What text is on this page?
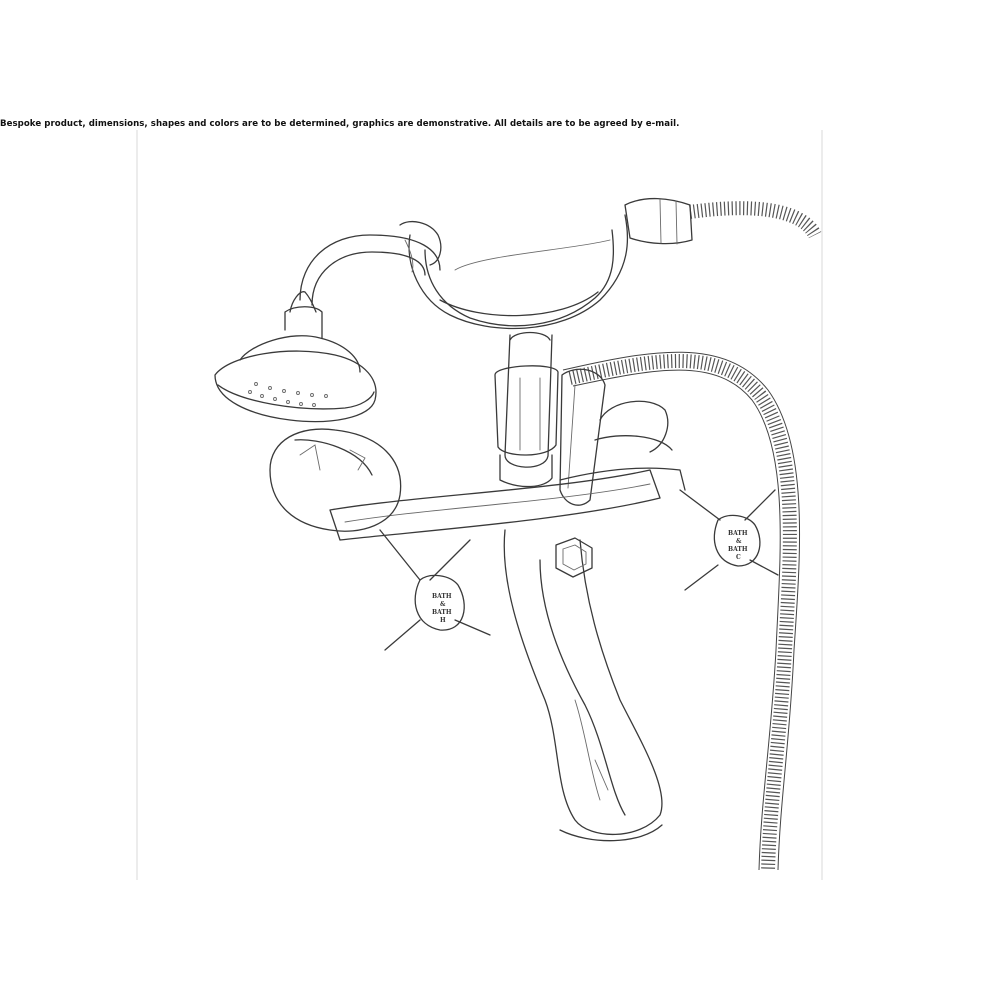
Bespoke product, dimensions, shapes and colors are to be determined, graphics are demonstrative. All details are to be agreed by e-mail.
BATH
&
BATH
H
BATH
&
BATH
C
